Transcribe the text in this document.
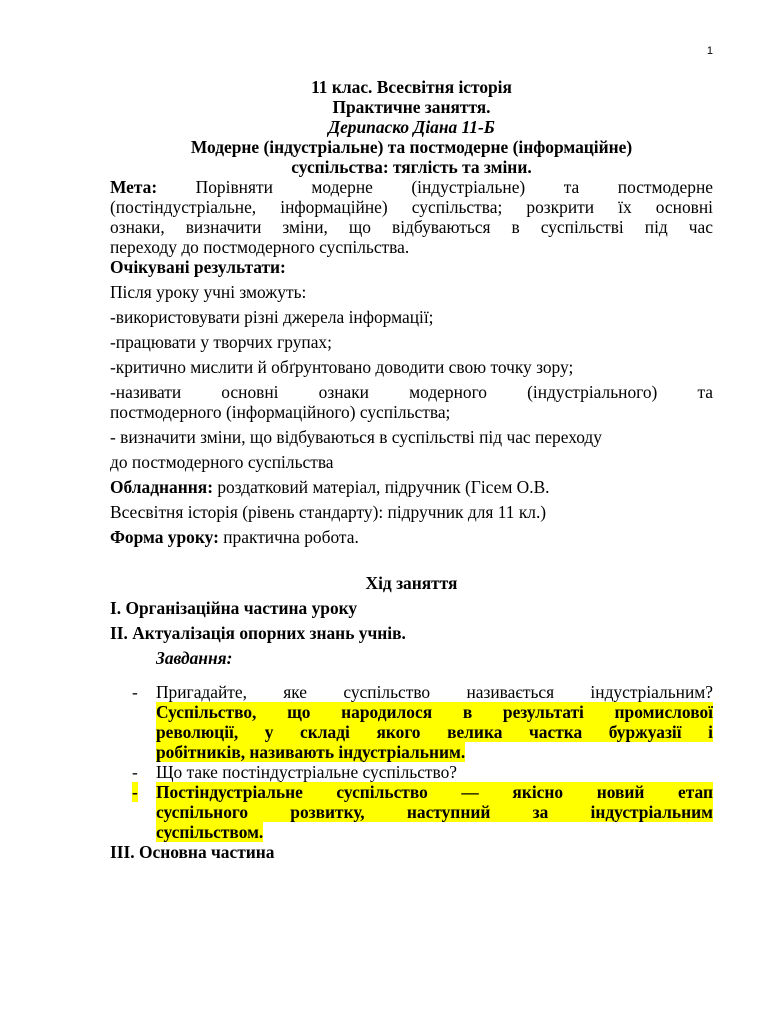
1

11 клас. Всесвітня історія

Практичне заняття.

Дерипаско Діана 11-Б

Модерне (індустріальне) та постмодерне (інформаційне)

суспільства: тяглість та зміни.

Мета: Порівняти модерне (індустріальне) та постмодерне

(постіндустріальне, інформаційне) суспільства; розкрити їх основні

ознаки, визначити зміни, що відбуваються в суспільстві під час

переходу до постмодерного суспільства.

Очікувані результати:

Після уроку учні зможуть:

-використовувати різні джерела інформації;

-працювати у творчих групах;

-критично мислити й обґрунтовано доводити свою точку зору;

-називати основні ознаки модерного (індустріального) та

постмодерного (інформаційного) суспільства;

- визначити зміни, що відбуваються в суспільстві під час переходу

до постмодерного суспільства

Обладнання: роздатковий матеріал, підручник (Гісем О.В.

Всесвітня історія (рівень стандарту): підручник для 11 кл.)

Форма уроку: практична робота.

Хід заняття

І. Організаційна частина уроку

ІІ. Актуалізація опорних знань учнів.

Завдання:

- Пригадайте, яке суспільство називається індустріальним?

Суспільство, що народилося в результаті промислової

революції, у складі якого велика частка буржуазії і

робітників, називають індустріальним.

- Що таке постіндустріальне суспільство?

- Постіндустріальне суспільство — якісно новий етап

суспільного розвитку, наступний за індустріальним

суспільством.

ІІІ. Основна частина
